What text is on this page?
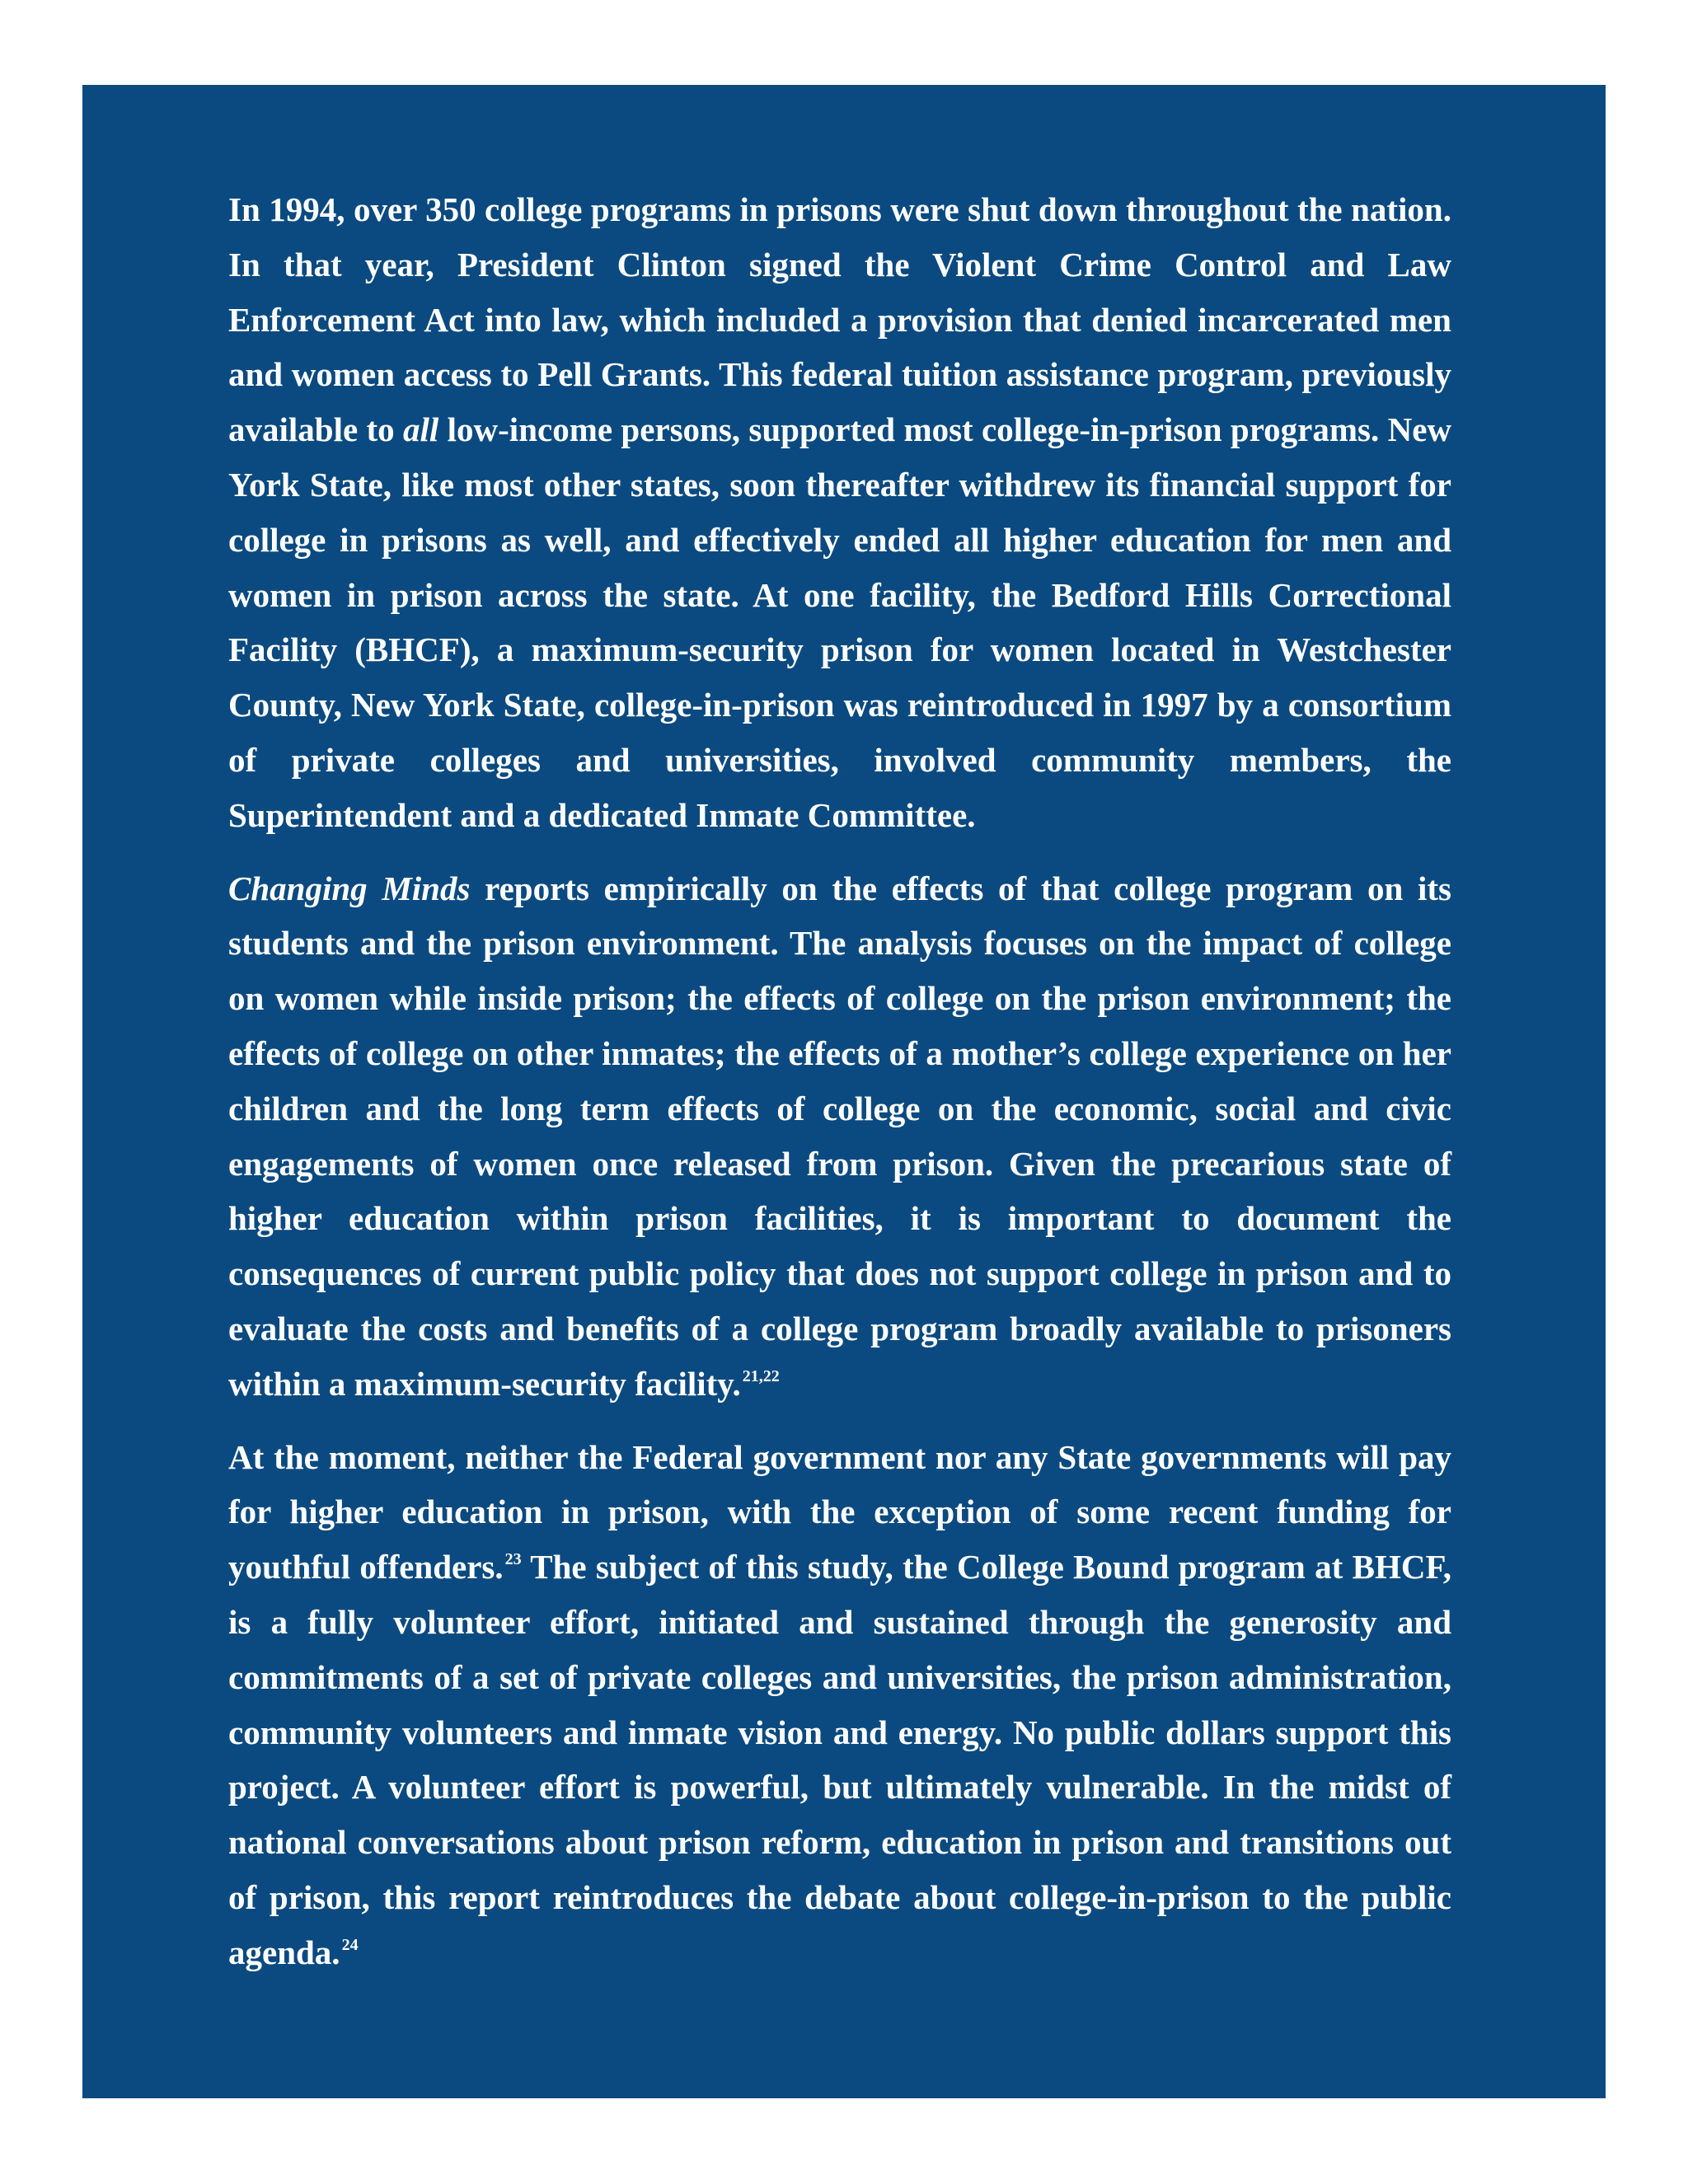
In 1994, over 350 college programs in prisons were shut down throughout the nation. In that year, President Clinton signed the Violent Crime Control and Law Enforcement Act into law, which included a provision that denied incarcerated men and women access to Pell Grants. This federal tuition assistance program, previously available to all low-income persons, supported most college-in-prison programs. New York State, like most other states, soon thereafter withdrew its financial support for college in prisons as well, and effectively ended all higher education for men and women in prison across the state. At one facility, the Bedford Hills Correctional Facility (BHCF), a maximum-security prison for women located in Westchester County, New York State, college-in-prison was reintroduced in 1997 by a consortium of private colleges and universities, involved community members, the Superintendent and a dedicated Inmate Committee.

Changing Minds reports empirically on the effects of that college program on its students and the prison environment. The analysis focuses on the impact of college on women while inside prison; the effects of college on the prison environment; the effects of college on other inmates; the effects of a mother’s college experience on her children and the long term effects of college on the economic, social and civic engagements of women once released from prison. Given the precarious state of higher education within prison facilities, it is important to document the consequences of current public policy that does not support college in prison and to evaluate the costs and benefits of a college program broadly available to prisoners within a maximum-security facility. $^{21,22}$

At the moment, neither the Federal government nor any State governments will pay for higher education in prison, with the exception of some recent funding for youthful offenders. $^{23}$ The subject of this study, the College Bound program at BHCF, is a fully volunteer effort, initiated and sustained through the generosity and commitments of a set of private colleges and universities, the prison administration, community volunteers and inmate vision and energy. No public dollars support this project. A volunteer effort is powerful, but ultimately vulnerable. In the midst of national conversations about prison reform, education in prison and transitions out of prison, this report reintroduces the debate about college-in-prison to the public agenda. $^{24}$

1
